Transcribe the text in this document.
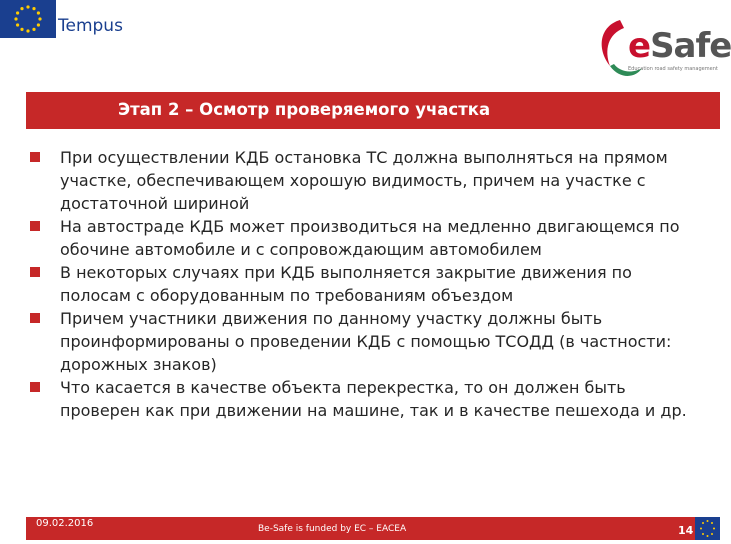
Tempus	eSafe
Education road safety management
Этап 2 – Осмотр проверяемого участка
При осуществлении КДБ остановка ТС должна выполняться на прямом участке, обеспечивающем хорошую видимость, причем на участке с достаточной шириной
На автостраде КДБ может производиться на медленно двигающемся по обочине автомобиле и с сопровождающим автомобилем
В некоторых случаях при КДБ выполняется закрытие движения по полосам с оборудованным по требованиям объездом
Причем участники движения по данному участку должны быть проинформированы о проведении КДБ с помощью ТСОДД (в частности: дорожных знаков)
Что касается в качестве объекта перекрестка, то он должен быть проверен как при движении на машине, так и в качестве пешехода и др.
09.02.2016	Be-Safe is funded by EC – EACEA	14
